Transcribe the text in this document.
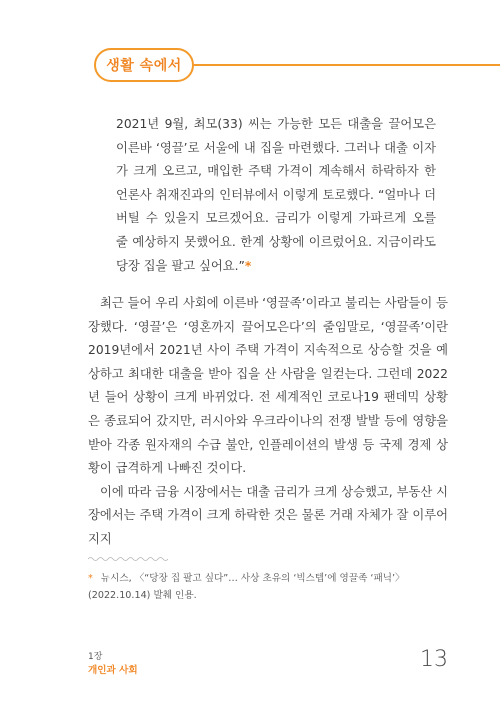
생활 속에서
2021년 9월, 최모(33) 씨는 가능한 모든 대출을 끌어모은 이른바 ‘영끌’로 서울에 내 집을 마련했다. 그러나 대출 이자가 크게 오르고, 매입한 주택 가격이 계속해서 하락하자 한 언론사 취재진과의 인터뷰에서 이렇게 토로했다. “얼마나 더 버틸 수 있을지 모르겠어요. 금리가 이렇게 가파르게 오를 줄 예상하지 못했어요. 한계 상황에 이르렀어요. 지금이라도 당장 집을 팔고 싶어요.”*

최근 들어 우리 사회에 이른바 ‘영끌족’이라고 불리는 사람들이 등장했다. ‘영끌’은 ‘영혼까지 끌어모은다’의 줄임말로, ‘영끌족’이란 2019년에서 2021년 사이 주택 가격이 지속적으로 상승할 것을 예상하고 최대한 대출을 받아 집을 산 사람을 일컫는다. 그런데 2022년 들어 상황이 크게 바뀌었다. 전 세계적인 코로나19 팬데믹 상황은 종료되어 갔지만, 러시아와 우크라이나의 전쟁 발발 등에 영향을 받아 각종 원자재의 수급 불안, 인플레이션의 발생 등 국제 경제 상황이 급격하게 나빠진 것이다.

이에 따라 금융 시장에서는 대출 금리가 크게 상승했고, 부동산 시장에서는 주택 가격이 크게 하락한 것은 물론 거래 자체가 잘 이루어지지

* 뉴시스, 〈“당장 집 팔고 싶다”… 사상 초유의 ‘빅스텝’에 영끌족 ‘패닉’〉(2022.10.14) 발췌 인용.
1장
개인과 사회	13
